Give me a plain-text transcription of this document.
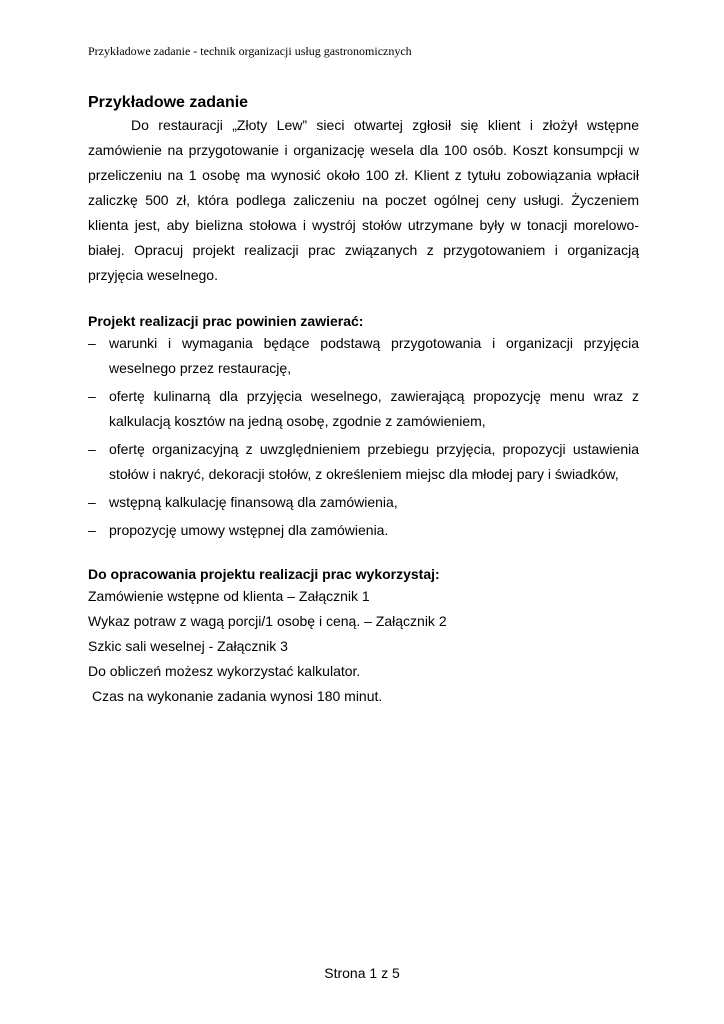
Przykładowe zadanie - technik organizacji usług gastronomicznych
Przykładowe zadanie

Do restauracji „Złoty Lew” sieci otwartej zgłosił się klient i złożył wstępne zamówienie na przygotowanie i organizację wesela dla 100 osób. Koszt konsumpcji w przeliczeniu na 1 osobę ma wynosić około 100 zł. Klient z tytułu zobowiązania wpłacił zaliczkę 500 zł, która podlega zaliczeniu na poczet ogólnej ceny usługi. Życzeniem klienta jest, aby bielizna stołowa i wystrój stołów utrzymane były w tonacji morelowo-białej. Opracuj projekt realizacji prac związanych z przygotowaniem i organizacją przyjęcia weselnego.

Projekt realizacji prac powinien zawierać:
– warunki i wymagania będące podstawą przygotowania i organizacji przyjęcia weselnego przez restaurację,
– ofertę kulinarną dla przyjęcia weselnego, zawierającą propozycję menu wraz z kalkulacją kosztów na jedną osobę, zgodnie z zamówieniem,
– ofertę organizacyjną z uwzględnieniem przebiegu przyjęcia, propozycji ustawienia stołów i nakryć, dekoracji stołów, z określeniem miejsc dla młodej pary i świadków,
– wstępną kalkulację finansową dla zamówienia,
– propozycję umowy wstępnej dla zamówienia.
Do opracowania projektu realizacji prac wykorzystaj:
Zamówienie wstępne od klienta – Załącznik 1
Wykaz potraw z wagą porcji/1 osobę i ceną. – Załącznik 2
Szkic sali weselnej - Załącznik 3
Do obliczeń możesz wykorzystać kalkulator.
Czas na wykonanie zadania wynosi 180 minut.
Strona 1 z 5
